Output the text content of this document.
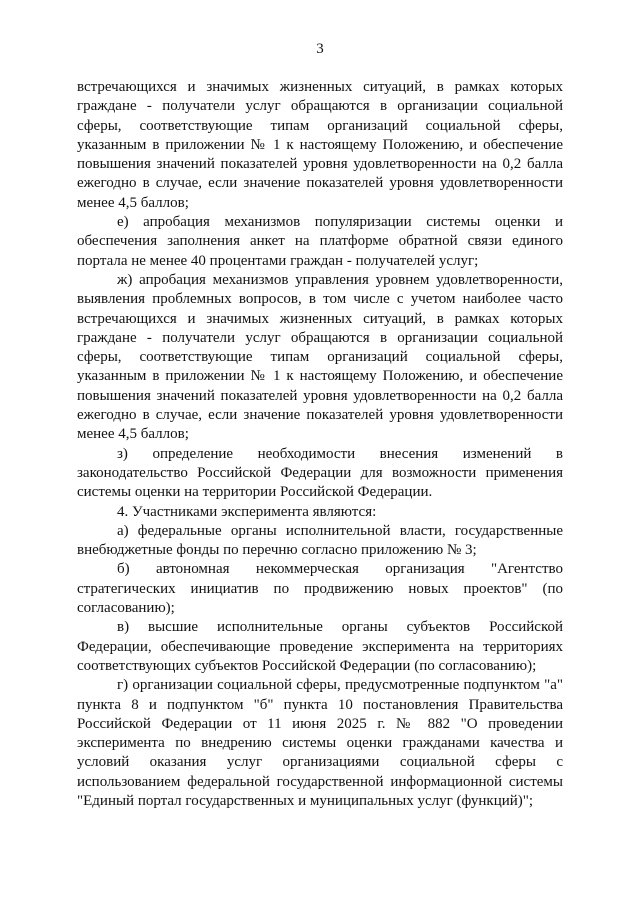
3

встречающихся и значимых жизненных ситуаций, в рамках которых граждане - получатели услуг обращаются в организации социальной сферы, соответствующие типам организаций социальной сферы, указанным в приложении № 1 к настоящему Положению, и обеспечение повышения значений показателей уровня удовлетворенности на 0,2 балла ежегодно в случае, если значение показателей уровня удовлетворенности менее 4,5 баллов;

е) апробация механизмов популяризации системы оценки и обеспечения заполнения анкет на платформе обратной связи единого портала не менее 40 процентами граждан - получателей услуг;

ж) апробация механизмов управления уровнем удовлетворенности, выявления проблемных вопросов, в том числе с учетом наиболее часто встречающихся и значимых жизненных ситуаций, в рамках которых граждане - получатели услуг обращаются в организации социальной сферы, соответствующие типам организаций социальной сферы, указанным в приложении № 1 к настоящему Положению, и обеспечение повышения значений показателей уровня удовлетворенности на 0,2 балла ежегодно в случае, если значение показателей уровня удовлетворенности менее 4,5 баллов;

з) определение необходимости внесения изменений в законодательство Российской Федерации для возможности применения системы оценки на территории Российской Федерации.

4. Участниками эксперимента являются:

а) федеральные органы исполнительной власти, государственные внебюджетные фонды по перечню согласно приложению № 3;

б) автономная некоммерческая организация "Агентство стратегических инициатив по продвижению новых проектов" (по согласованию);

в) высшие исполнительные органы субъектов Российской Федерации, обеспечивающие проведение эксперимента на территориях соответствующих субъектов Российской Федерации (по согласованию);

г) организации социальной сферы, предусмотренные подпунктом "а" пункта 8 и подпунктом "б" пункта 10 постановления Правительства Российской Федерации от 11 июня 2025 г. № 882 "О проведении эксперимента по внедрению системы оценки гражданами качества и условий оказания услуг организациями социальной сферы с использованием федеральной государственной информационной системы "Единый портал государственных и муниципальных услуг (функций)";
